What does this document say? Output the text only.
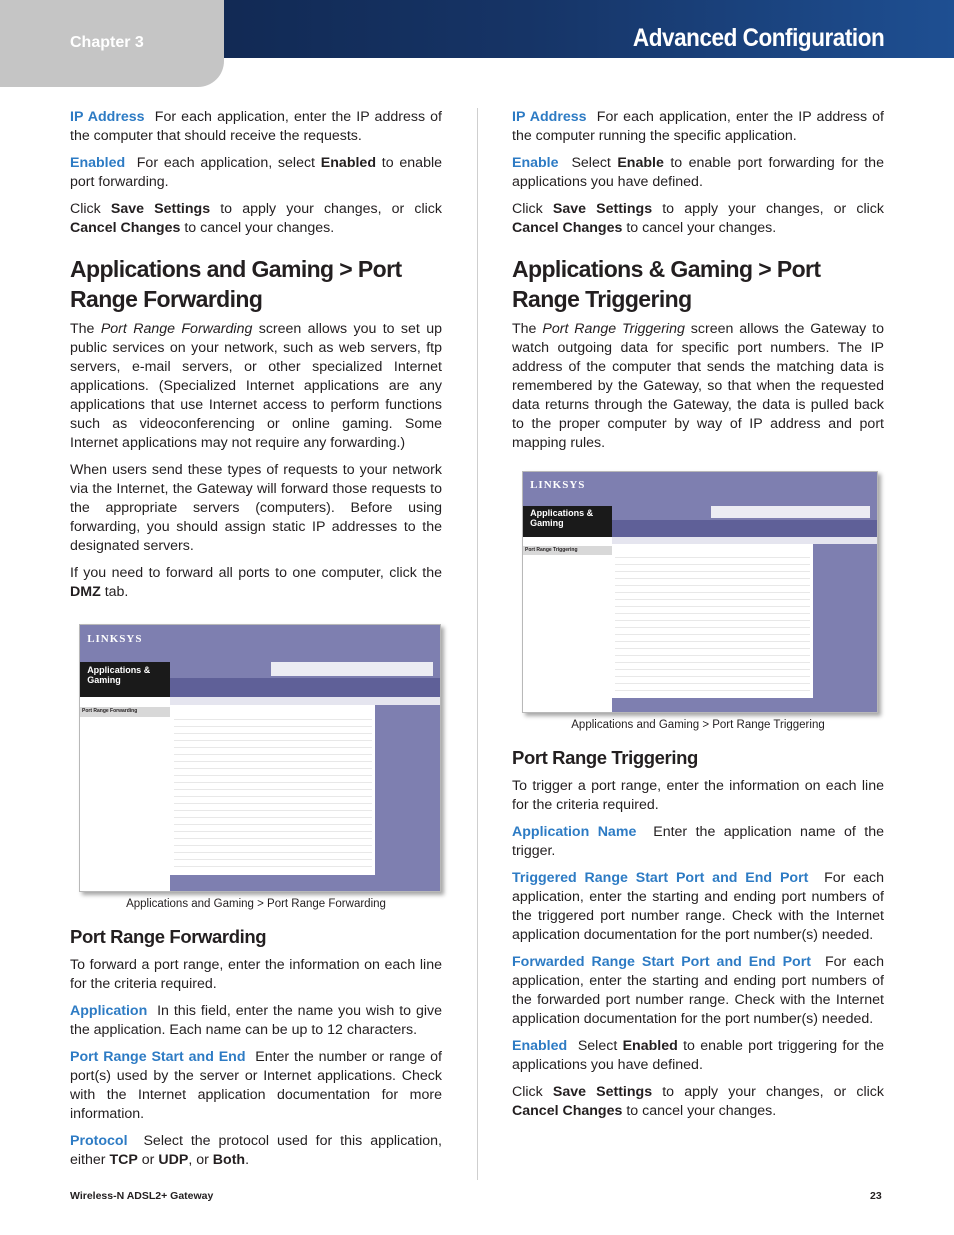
Chapter 3	Advanced Configuration

IP Address For each application, enter the IP address of the computer that should receive the requests.

Enabled For each application, select Enabled to enable port forwarding.

Click Save Settings to apply your changes, or click Cancel Changes to cancel your changes.

Applications and Gaming > Port Range Forwarding

The Port Range Forwarding screen allows you to set up public services on your network, such as web servers, ftp servers, e-mail servers, or other specialized Internet applications. (Specialized Internet applications are any applications that use Internet access to perform functions such as videoconferencing or online gaming. Some Internet applications may not require any forwarding.)

When users send these types of requests to your network via the Internet, the Gateway will forward those requests to the appropriate servers (computers). Before using forwarding, you should assign static IP addresses to the designated servers.

If you need to forward all ports to one computer, click the DMZ tab.

LINKSYS
Applications & Gaming
Port Range Forwarding
Applications and Gaming > Port Range Forwarding
Port Range Forwarding

To forward a port range, enter the information on each line for the criteria required.

Application In this field, enter the name you wish to give the application. Each name can be up to 12 characters.

Port Range Start and End Enter the number or range of port(s) used by the server or Internet applications. Check with the Internet application documentation for more information.

Protocol Select the protocol used for this application, either TCP or UDP, or Both.

IP Address For each application, enter the IP address of the computer running the specific application.

Enable Select Enable to enable port forwarding for the applications you have defined.

Click Save Settings to apply your changes, or click Cancel Changes to cancel your changes.

Applications & Gaming > Port Range Triggering

The Port Range Triggering screen allows the Gateway to watch outgoing data for specific port numbers. The IP address of the computer that sends the matching data is remembered by the Gateway, so that when the requested data returns through the Gateway, the data is pulled back to the proper computer by way of IP address and port mapping rules.

LINKSYS
Applications & Gaming
Port Range Triggering
Applications and Gaming > Port Range Triggering
Port Range Triggering

To trigger a port range, enter the information on each line for the criteria required.

Application Name Enter the application name of the trigger.

Triggered Range Start Port and End Port For each application, enter the starting and ending port numbers of the triggered port number range. Check with the Internet application documentation for the port number(s) needed.

Forwarded Range Start Port and End Port For each application, enter the starting and ending port numbers of the forwarded port number range. Check with the Internet application documentation for the port number(s) needed.

Enabled Select Enabled to enable port triggering for the applications you have defined.

Click Save Settings to apply your changes, or click Cancel Changes to cancel your changes.

Wireless-N ADSL2+ Gateway	23
